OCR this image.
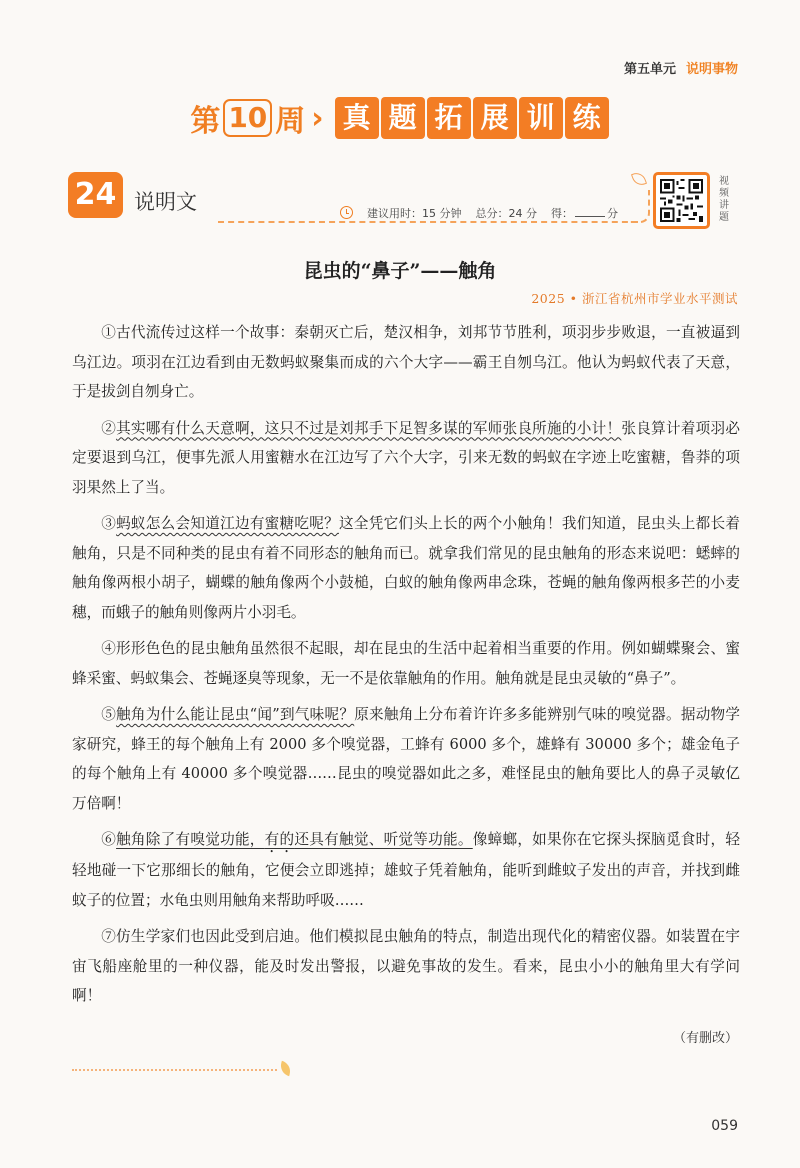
第五单元 说明事物
第 10 周 › 真 题 拓 展 训 练
24 说明文	建议用时：15 分钟 总分：24 分 得：	分
视频讲题
昆虫的“鼻子”——触角
2025 • 浙江省杭州市学业水平测试

①古代流传过这样一个故事：秦朝灭亡后，楚汉相争，刘邦节节胜利，项羽步步败退，一直被逼到乌江边。项羽在江边看到由无数蚂蚁聚集而成的六个大字——霸王自刎乌江。他认为蚂蚁代表了天意，于是拔剑自刎身亡。

②其实哪有什么天意啊，这只不过是刘邦手下足智多谋的军师张良所施的小计！张良算计着项羽必定要退到乌江，便事先派人用蜜糖水在江边写了六个大字，引来无数的蚂蚁在字迹上吃蜜糖，鲁莽的项羽果然上了当。

③蚂蚁怎么会知道江边有蜜糖吃呢？这全凭它们头上长的两个小触角！我们知道，昆虫头上都长着触角，只是不同种类的昆虫有着不同形态的触角而已。就拿我们常见的昆虫触角的形态来说吧：蟋蟀的触角像两根小胡子，蝴蝶的触角像两个小鼓槌，白蚁的触角像两串念珠，苍蝇的触角像两根多芒的小麦穗，而蛾子的触角则像两片小羽毛。

④形形色色的昆虫触角虽然很不起眼，却在昆虫的生活中起着相当重要的作用。例如蝴蝶聚会、蜜蜂采蜜、蚂蚁集会、苍蝇逐臭等现象，无一不是依靠触角的作用。触角就是昆虫灵敏的“鼻子”。

⑤触角为什么能让昆虫“闻”到气味呢？原来触角上分布着许许多多能辨别气味的嗅觉器。据动物学家研究，蜂王的每个触角上有 2000 多个嗅觉器，工蜂有 6000 多个，雄蜂有 30000 多个；雄金龟子的每个触角上有 40000 多个嗅觉器……昆虫的嗅觉器如此之多，难怪昆虫的触角要比人的鼻子灵敏亿万倍啊！

⑥触角除了有嗅觉功能，有的还具有触觉、听觉等功能。像蟑螂，如果你在它探头探脑觅食时，轻轻地碰一下它那细长的触角，它便会立即逃掉；雄蚊子凭着触角，能听到雌蚊子发出的声音，并找到雌蚊子的位置；水龟虫则用触角来帮助呼吸……

⑦仿生学家们也因此受到启迪。他们模拟昆虫触角的特点，制造出现代化的精密仪器。如装置在宇宙飞船座舱里的一种仪器，能及时发出警报，以避免事故的发生。看来，昆虫小小的触角里大有学问啊！

（有删改）
059
